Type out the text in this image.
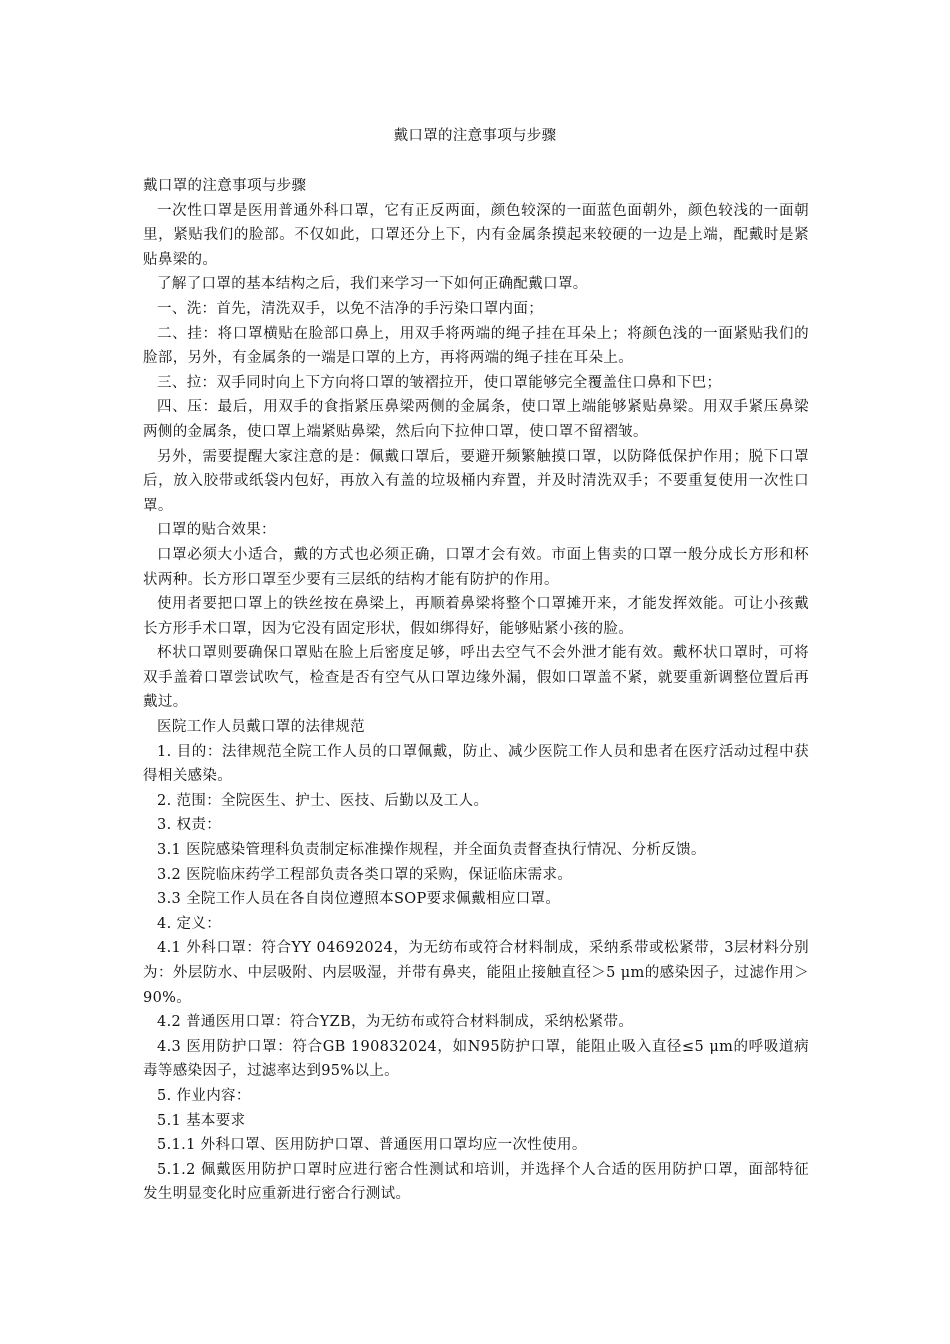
戴口罩的注意事项与步骤

戴口罩的注意事项与步骤

一次性口罩是医用普通外科口罩，它有正反两面，颜色较深的一面蓝色面朝外，颜色较浅的一面朝里，紧贴我们的脸部。不仅如此，口罩还分上下，内有金属条摸起来较硬的一边是上端，配戴时是紧贴鼻梁的。

了解了口罩的基本结构之后，我们来学习一下如何正确配戴口罩。

一、洗：首先，清洗双手，以免不洁净的手污染口罩内面；

二、挂：将口罩横贴在脸部口鼻上，用双手将两端的绳子挂在耳朵上；将颜色浅的一面紧贴我们的脸部，另外，有金属条的一端是口罩的上方，再将两端的绳子挂在耳朵上。

三、拉：双手同时向上下方向将口罩的皱褶拉开，使口罩能够完全覆盖住口鼻和下巴；

四、压：最后，用双手的食指紧压鼻梁两侧的金属条，使口罩上端能够紧贴鼻梁。用双手紧压鼻梁两侧的金属条，使口罩上端紧贴鼻梁，然后向下拉伸口罩，使口罩不留褶皱。

另外，需要提醒大家注意的是：佩戴口罩后，要避开频繁触摸口罩，以防降低保护作用；脱下口罩后，放入胶带或纸袋内包好，再放入有盖的垃圾桶内弃置，并及时清洗双手；不要重复使用一次性口罩。

口罩的贴合效果：

口罩必须大小适合，戴的方式也必须正确，口罩才会有效。市面上售卖的口罩一般分成长方形和杯状两种。长方形口罩至少要有三层纸的结构才能有防护的作用。

使用者要把口罩上的铁丝按在鼻梁上，再顺着鼻梁将整个口罩摊开来，才能发挥效能。可让小孩戴长方形手术口罩，因为它没有固定形状，假如绑得好，能够贴紧小孩的脸。

杯状口罩则要确保口罩贴在脸上后密度足够，呼出去空气不会外泄才能有效。戴杯状口罩时，可将双手盖着口罩尝试吹气，检查是否有空气从口罩边缘外漏，假如口罩盖不紧，就要重新调整位置后再戴过。

医院工作人员戴口罩的法律规范

1. 目的：法律规范全院工作人员的口罩佩戴，防止、减少医院工作人员和患者在医疗活动过程中获得相关感染。

2. 范围：全院医生、护士、医技、后勤以及工人。

3. 权责：

3.1 医院感染管理科负责制定标准操作规程，并全面负责督查执行情况、分析反馈。

3.2 医院临床药学工程部负责各类口罩的采购，保证临床需求。

3.3 全院工作人员在各自岗位遵照本SOP要求佩戴相应口罩。

4. 定义：

4.1 外科口罩：符合YY 04692024，为无纺布或符合材料制成，采纳系带或松紧带，3层材料分别为：外层防水、中层吸附、内层吸湿，并带有鼻夹，能阻止接触直径＞5 μm的感染因子，过滤作用＞90%。

4.2 普通医用口罩：符合YZB，为无纺布或符合材料制成，采纳松紧带。

4.3 医用防护口罩：符合GB 190832024，如N95防护口罩，能阻止吸入直径≤5 μm的呼吸道病毒等感染因子，过滤率达到95%以上。

5. 作业内容：

5.1 基本要求

5.1.1 外科口罩、医用防护口罩、普通医用口罩均应一次性使用。

5.1.2 佩戴医用防护口罩时应进行密合性测试和培训，并选择个人合适的医用防护口罩，面部特征发生明显变化时应重新进行密合行测试。
